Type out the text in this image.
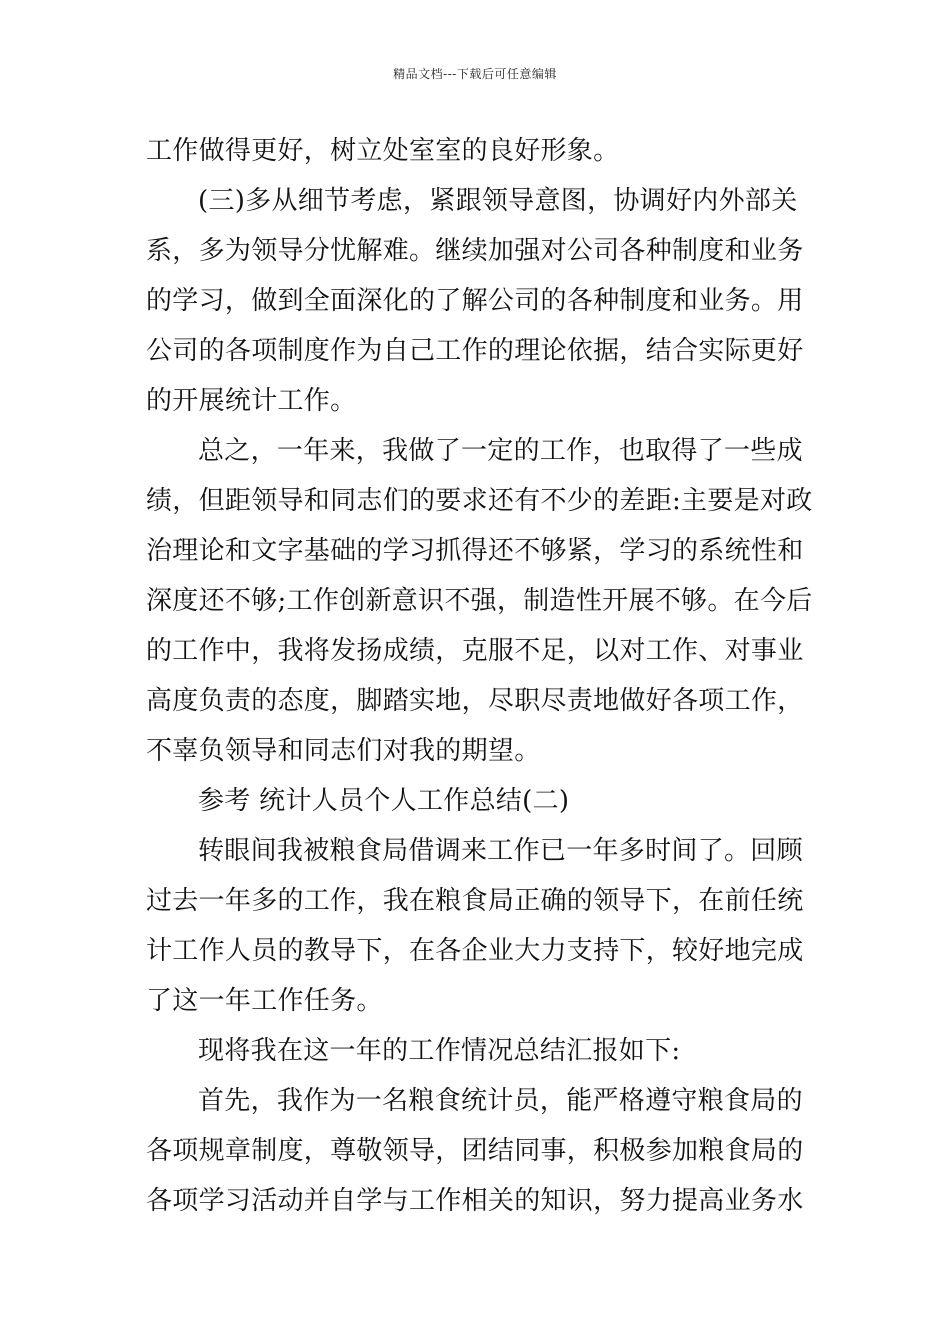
精品文档---下载后可任意编辑
工作做得更好，树立处室室的良好形象。
(三)多从细节考虑，紧跟领导意图，协调好内外部关
系，多为领导分忧解难。继续加强对公司各种制度和业务
的学习，做到全面深化的了解公司的各种制度和业务。用
公司的各项制度作为自己工作的理论依据，结合实际更好
的开展统计工作。
总之，一年来，我做了一定的工作，也取得了一些成
绩，但距领导和同志们的要求还有不少的差距:主要是对政
治理论和文字基础的学习抓得还不够紧，学习的系统性和
深度还不够;工作创新意识不强，制造性开展不够。在今后
的工作中，我将发扬成绩，克服不足，以对工作、对事业
高度负责的态度，脚踏实地，尽职尽责地做好各项工作，
不辜负领导和同志们对我的期望。
参考 统计人员个人工作总结(二)
转眼间我被粮食局借调来工作已一年多时间了。回顾
过去一年多的工作，我在粮食局正确的领导下，在前任统
计工作人员的教导下，在各企业大力支持下，较好地完成
了这一年工作任务。
现将我在这一年的工作情况总结汇报如下:
首先，我作为一名粮食统计员，能严格遵守粮食局的
各项规章制度，尊敬领导，团结同事，积极参加粮食局的
各项学习活动并自学与工作相关的知识，努力提高业务水
